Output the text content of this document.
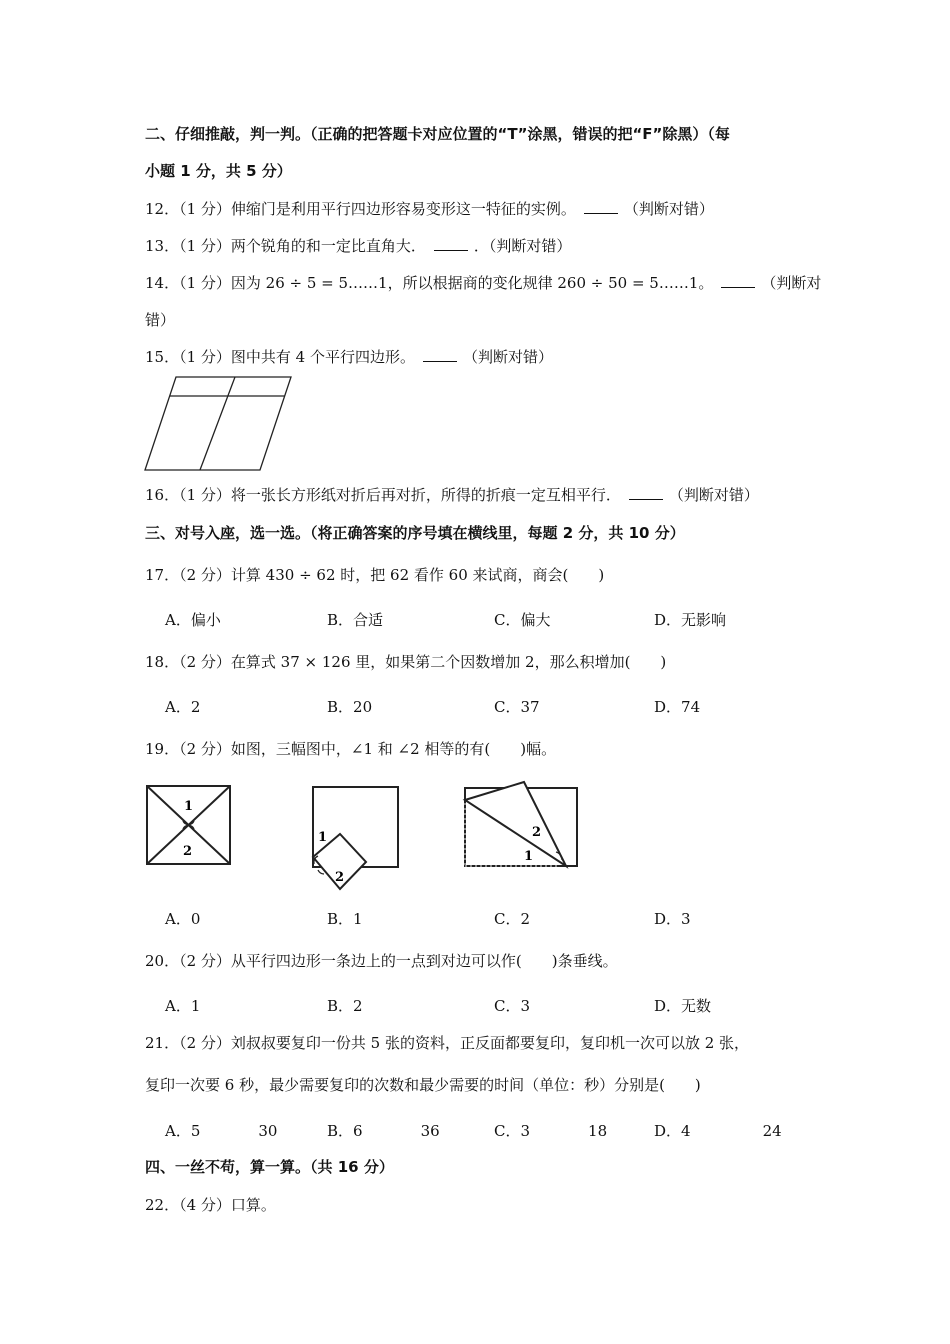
二、仔细推敲，判一判。（正确的把答题卡对应位置的“T”涂黑，错误的把“F”除黑）（每
小题 1 分，共 5 分）
12．（1 分）伸缩门是利用平行四边形容易变形这一特征的实例。	（判断对错）
13．（1 分）两个锐角的和一定比直角大．	．（判断对错）
14．（1 分）因为 26 ÷ 5 = 5……1，所以根据商的变化规律 260 ÷ 50 = 5……1。	（判断对
错）
15．（1 分）图中共有 4 个平行四边形。	（判断对错）
16．（1 分）将一张长方形纸对折后再对折，所得的折痕一定互相平行．	（判断对错）
三、对号入座，选一选。（将正确答案的序号填在横线里，每题 2 分，共 10 分）
17．（2 分）计算 430 ÷ 62 时，把 62 看作 60 来试商，商会(　　)
A．偏小	B．合适	C．偏大	D．无影响
18．（2 分）在算式 37 × 126 里，如果第二个因数增加 2，那么积增加(　　)
A．2	B．20	C．37	D．74
19．（2 分）如图，三幅图中，∠1 和 ∠2 相等的有(　　)幅。
1
2
1
2
2
1
A．0	B．1	C．2	D．3
20．（2 分）从平行四边形一条边上的一点到对边可以作(　　)条垂线。
A．1	B．2	C．3	D．无数
21．（2 分）刘叔叔要复印一份共 5 张的资料，正反面都要复印，复印机一次可以放 2 张，
复印一次要 6 秒，最少需要复印的次数和最少需要的时间（单位：秒）分别是(　　)
A．5	30	B．6	36	C．3	18	D．4	24
四、一丝不苟，算一算。（共 16 分）
22．（4 分）口算。
